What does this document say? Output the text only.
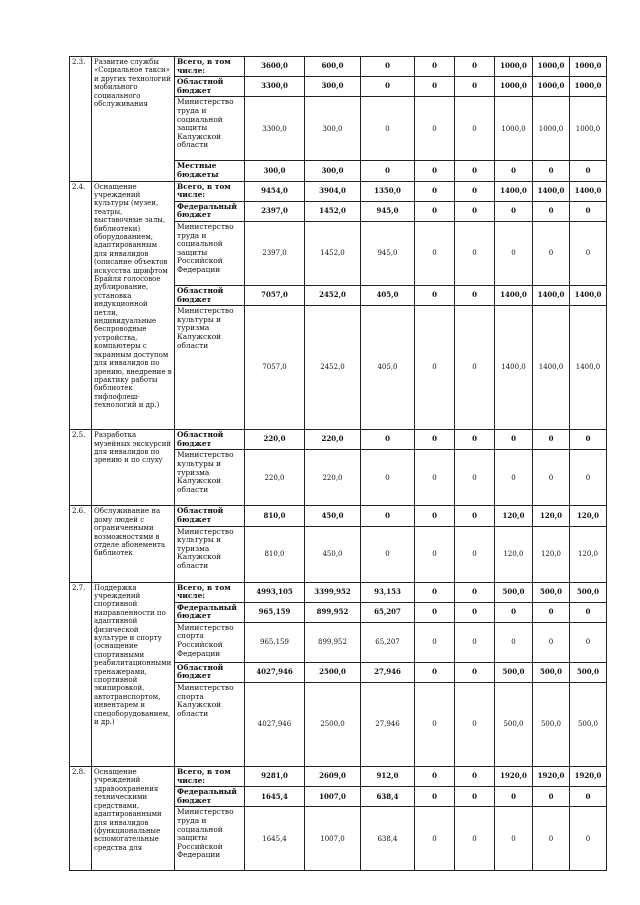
2.3.	Развитие службы «Социальное такси» и других технологий мобильного социального обслуживания	Всего, в том числе:	3600,0	600,0	0	0	0	1000,0	1000,0	1000,0
		Областной бюджет	3300,0	300,0	0	0	0	1000,0	1000,0	1000,0
		Министерство труда и социальной защиты Калужской области	3300,0	300,0	0	0	0	1000,0	1000,0	1000,0
		Местные бюджеты	300,0	300,0	0	0	0	0	0	0
2.4.	Оснащение учреждений культуры (музеи, театры, выставочные залы, библиотеки) оборудованием, адаптированным для инвалидов (описание объектов искусства шрифтом Брайля голосовое дублирование, установка индукционной петли, индивидуальные беспроводные устройства, компьютеры с экранным доступом для инвалидов по зрению, внедрение в практику работы библиотек тифлофлеш-технологий и др.)	Всего, в том числе:	9454,0	3904,0	1350,0	0	0	1400,0	1400,0	1400,0
		Федеральный бюджет	2397,0	1452,0	945,0	0	0	0	0	0
		Министерство труда и социальной защиты Российской Федерации	2397,0	1452,0	945,0	0	0	0	0	0
		Областной бюджет	7057,0	2452,0	405,0	0	0	1400,0	1400,0	1400,0
		Министерство культуры и туризма Калужской области	7057,0	2452,0	405,0	0	0	1400,0	1400,0	1400,0
2.5.	Разработка музейных экскурсий для инвалидов по зрению и по слуху	Областной бюджет	220,0	220,0	0	0	0	0	0	0
		Министерство культуры и туризма Калужской области	220,0	220,0	0	0	0	0	0	0
2.6.	Обслуживание на дому людей с ограниченными возможностями в отделе абонемента библиотек	Областной бюджет	810,0	450,0	0	0	0	120,0	120,0	120,0
		Министерство культуры и туризма Калужской области	810,0	450,0	0	0	0	120,0	120,0	120,0
2.7.	Поддержка учреждений спортивной направленности по адаптивной физической культуре и спорту (оснащение спортивными реабилитационными тренажерами, спортивной экипировкой, автотранспортом, инвентарем и спецоборудованием, и др.)	Всего, в том числе:	4993,105	3399,952	93,153	0	0	500,0	500,0	500,0
		Федеральный бюджет	965,159	899,952	65,207	0	0	0	0	0
		Министерство спорта Российской Федерации	965,159	899,952	65,207	0	0	0	0	0
		Областной бюджет	4027,946	2500,0	27,946	0	0	500,0	500,0	500,0
		Министерство спорта Калужской области	4027,946	2500,0	27,946	0	0	500,0	500,0	500,0
2.8.	Оснащение учреждений здравоохранения техническими средствами, адаптированными для инвалидов (функциональные вспомогательные средства для	Всего, в том числе:	9281,0	2609,0	912,0	0	0	1920,0	1920,0	1920,0
		Федеральный бюджет	1645,4	1007,0	638,4	0	0	0	0	0
		Министерство труда и социальной защиты Российской Федерации	1645,4	1007,0	638,4	0	0	0	0	0
